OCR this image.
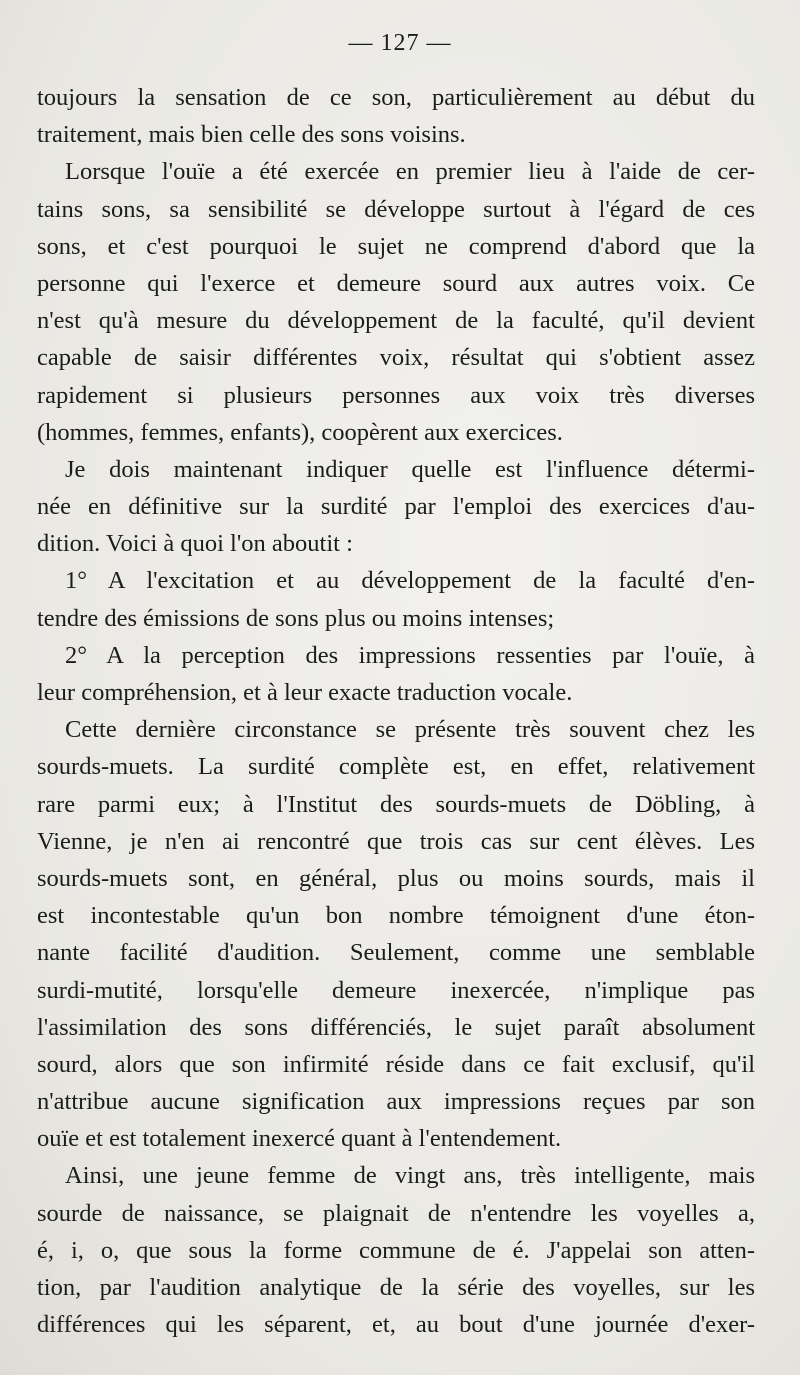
— 127 —
toujours la sensation de ce son, particulièrement au début du
traitement, mais bien celle des sons voisins.
Lorsque l'ouïe a été exercée en premier lieu à l'aide de cer-
tains sons, sa sensibilité se développe surtout à l'égard de ces
sons, et c'est pourquoi le sujet ne comprend d'abord que la
personne qui l'exerce et demeure sourd aux autres voix. Ce
n'est qu'à mesure du développement de la faculté, qu'il devient
capable de saisir différentes voix, résultat qui s'obtient assez
rapidement si plusieurs personnes aux voix très diverses
(hommes, femmes, enfants), coopèrent aux exercices.
Je dois maintenant indiquer quelle est l'influence détermi-
née en définitive sur la surdité par l'emploi des exercices d'au-
dition. Voici à quoi l'on aboutit :
1° A l'excitation et au développement de la faculté d'en-
tendre des émissions de sons plus ou moins intenses;
2° A la perception des impressions ressenties par l'ouïe, à
leur compréhension, et à leur exacte traduction vocale.
Cette dernière circonstance se présente très souvent chez les
sourds-muets. La surdité complète est, en effet, relativement
rare parmi eux; à l'Institut des sourds-muets de Döbling, à
Vienne, je n'en ai rencontré que trois cas sur cent élèves. Les
sourds-muets sont, en général, plus ou moins sourds, mais il
est incontestable qu'un bon nombre témoignent d'une éton-
nante facilité d'audition. Seulement, comme une semblable
surdi-mutité, lorsqu'elle demeure inexercée, n'implique pas
l'assimilation des sons différenciés, le sujet paraît absolument
sourd, alors que son infirmité réside dans ce fait exclusif, qu'il
n'attribue aucune signification aux impressions reçues par son
ouïe et est totalement inexercé quant à l'entendement.
Ainsi, une jeune femme de vingt ans, très intelligente, mais
sourde de naissance, se plaignait de n'entendre les voyelles a,
é, i, o, que sous la forme commune de é. J'appelai son atten-
tion, par l'audition analytique de la série des voyelles, sur les
différences qui les séparent, et, au bout d'une journée d'exer-
